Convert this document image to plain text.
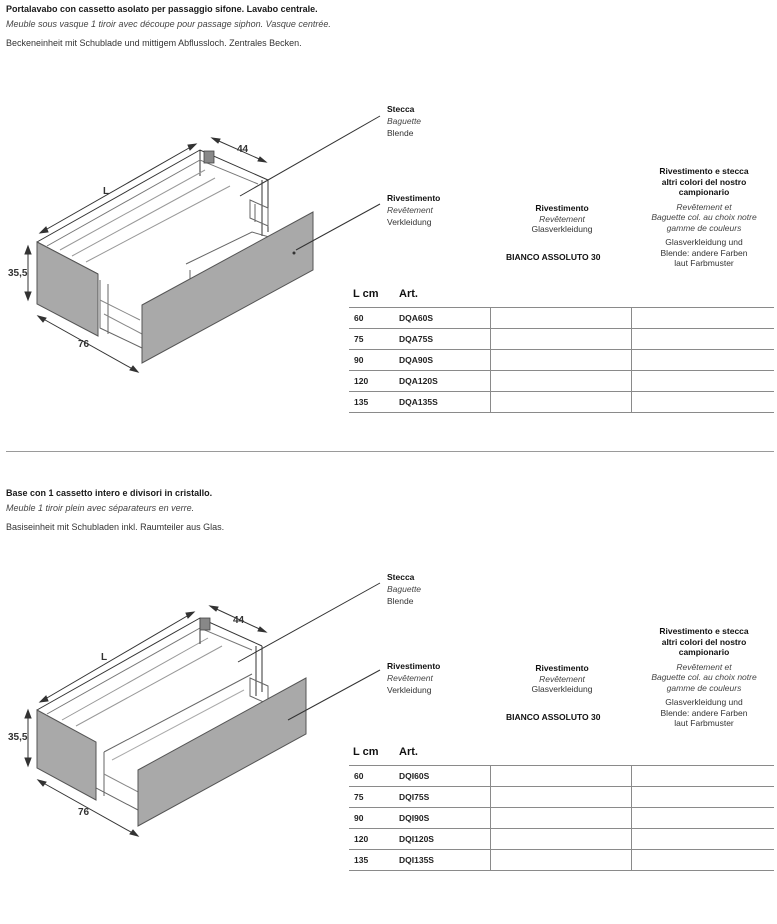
Portalavabo con cassetto asolato per passaggio sifone. Lavabo centrale.
Meuble sous vasque 1 tiroir avec découpe pour passage siphon. Vasque centrée.
Beckeneinheit mit Schublade und mittigem Abflussloch. Zentrales Becken.
44
L
35,5
76
Stecca
Baguette
Blende
Rivestimento
Revêtement
Verkleidung
Rivestimento
Revêtement
Glasverkleidung
BIANCO ASSOLUTO 30
Rivestimento e stecca
altri colori del nostro
campionario
Revêtement et
Baguette col. au choix notre
gamme de couleurs
Glasverkleidung und
Blende: andere Farben
laut Farbmuster
L cm Art.
60	DQA60S		
75	DQA75S		
90	DQA90S		
120	DQA120S		
135	DQA135S		
Base con 1 cassetto intero e divisori in cristallo.
Meuble 1 tiroir plein avec séparateurs en verre.
Basiseinheit mit Schubladen inkl. Raumteiler aus Glas.
44
L
35,5
76
Stecca
Baguette
Blende
Rivestimento
Revêtement
Verkleidung
Rivestimento
Revêtement
Glasverkleidung
BIANCO ASSOLUTO 30
Rivestimento e stecca
altri colori del nostro
campionario
Revêtement et
Baguette col. au choix notre
gamme de couleurs
Glasverkleidung und
Blende: andere Farben
laut Farbmuster
L cm Art.
60	DQI60S		
75	DQI75S		
90	DQI90S		
120	DQI120S		
135	DQI135S		
